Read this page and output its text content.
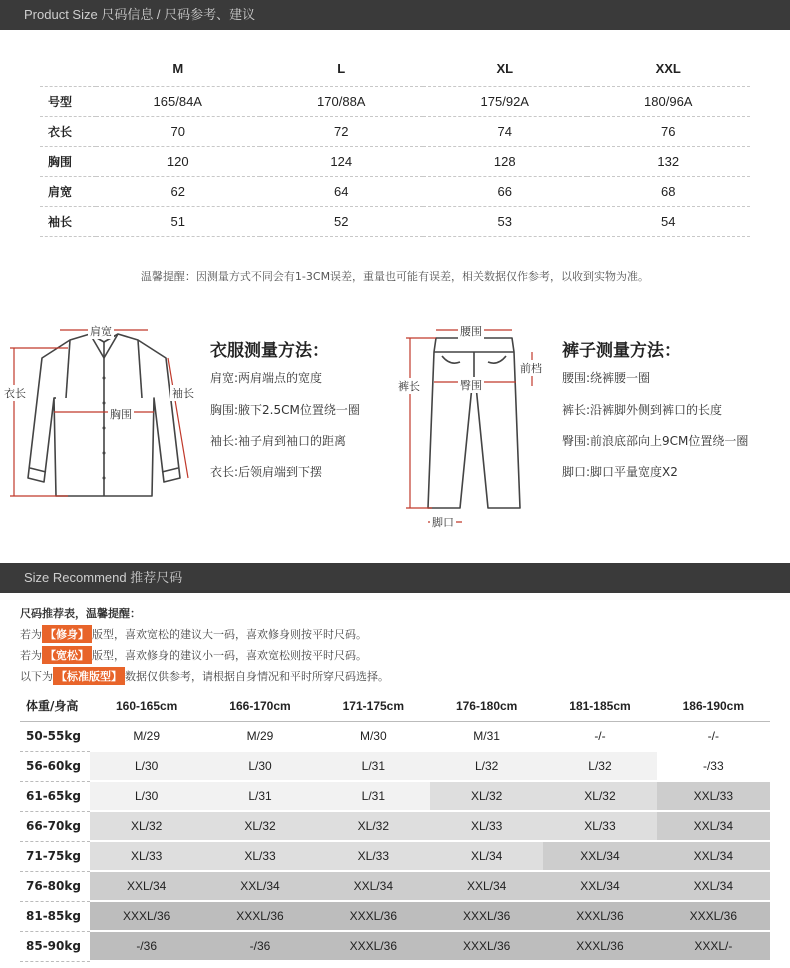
Product Size 尺码信息 / 尺码参考、建议
	M	L	XL	XXL
号型	165/84A	170/88A	175/92A	180/96A
衣长	70	72	74	76
胸围	120	124	128	132
肩宽	62	64	66	68
袖长	51	52	53	54
温馨提醒：因测量方式不同会有1-3CM误差，重量也可能有误差，相关数据仅作参考，以收到实物为准。
肩宽
衣长	袖长
胸围
衣服测量方法：
肩宽:两肩端点的宽度
胸围:腋下2.5CM位置绕一圈
袖长:袖子肩到袖口的距离
衣长:后领肩端到下摆
腰围
裤长
前档
臀围
脚口
裤子测量方法：
腰围:绕裤腰一圈
裤长:沿裤脚外侧到裤口的长度
臀围:前浪底部向上9CM位置绕一圈
脚口:脚口平量宽度X2
Size Recommend 推荐尺码
尺码推荐表，温馨提醒：
若为 【修身】 版型，喜欢宽松的建议大一码，喜欢修身则按平时尺码。
若为 【宽松】 版型，喜欢修身的建议小一码，喜欢宽松则按平时尺码。
以下为 【标准版型】 数据仅供参考，请根据自身情况和平时所穿尺码选择。
体重/身高	160-165cm	166-170cm	171-175cm	176-180cm	181-185cm	186-190cm
50-55kg	M/29	M/29	M/30	M/31	-/-	-/-
56-60kg	L/30	L/30	L/31	L/32	L/32	-/33
61-65kg	L/30	L/31	L/31	XL/32	XL/32	XXL/33
66-70kg	XL/32	XL/32	XL/32	XL/33	XL/33	XXL/34
71-75kg	XL/33	XL/33	XL/33	XL/34	XXL/34	XXL/34
76-80kg	XXL/34	XXL/34	XXL/34	XXL/34	XXL/34	XXL/34
81-85kg	XXXL/36	XXXL/36	XXXL/36	XXXL/36	XXXL/36	XXXL/36
85-90kg	-/36	-/36	XXXL/36	XXXL/36	XXXL/36	XXXL/-
